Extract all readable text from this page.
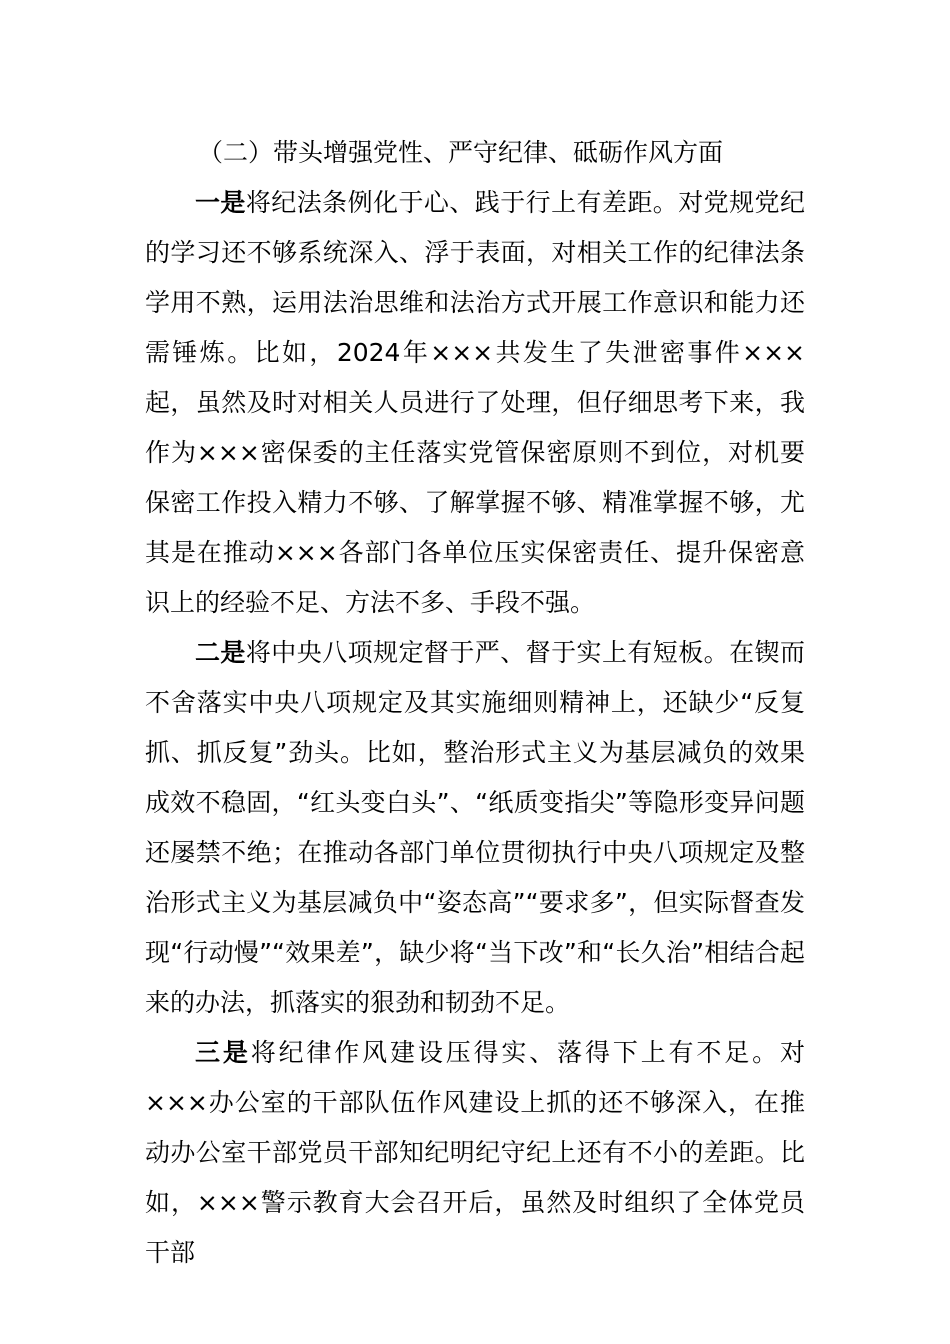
（二）带头增强党性、严守纪律、砥砺作风方面

一是将纪法条例化于心、践于行上有差距。对党规党纪的学习还不够系统深入、浮于表面，对相关工作的纪律法条学用不熟，运用法治思维和法治方式开展工作意识和能力还需锤炼。比如，2024年×××共发生了失泄密事件×××起，虽然及时对相关人员进行了处理，但仔细思考下来，我作为×××密保委的主任落实党管保密原则不到位，对机要保密工作投入精力不够、了解掌握不够、精准掌握不够，尤其是在推动×××各部门各单位压实保密责任、提升保密意识上的经验不足、方法不多、手段不强。

二是将中央八项规定督于严、督于实上有短板。在锲而不舍落实中央八项规定及其实施细则精神上，还缺少“反复抓、抓反复”劲头。比如，整治形式主义为基层减负的效果成效不稳固，“红头变白头”、“纸质变指尖”等隐形变异问题还屡禁不绝；在推动各部门单位贯彻执行中央八项规定及整治形式主义为基层减负中“姿态高”“要求多”，但实际督查发现“行动慢”“效果差”，缺少将“当下改”和“长久治”相结合起来的办法，抓落实的狠劲和韧劲不足。

三是将纪律作风建设压得实、落得下上有不足。对×××办公室的干部队伍作风建设上抓的还不够深入，在推动办公室干部党员干部知纪明纪守纪上还有不小的差距。比如，×××警示教育大会召开后，虽然及时组织了全体党员干部
